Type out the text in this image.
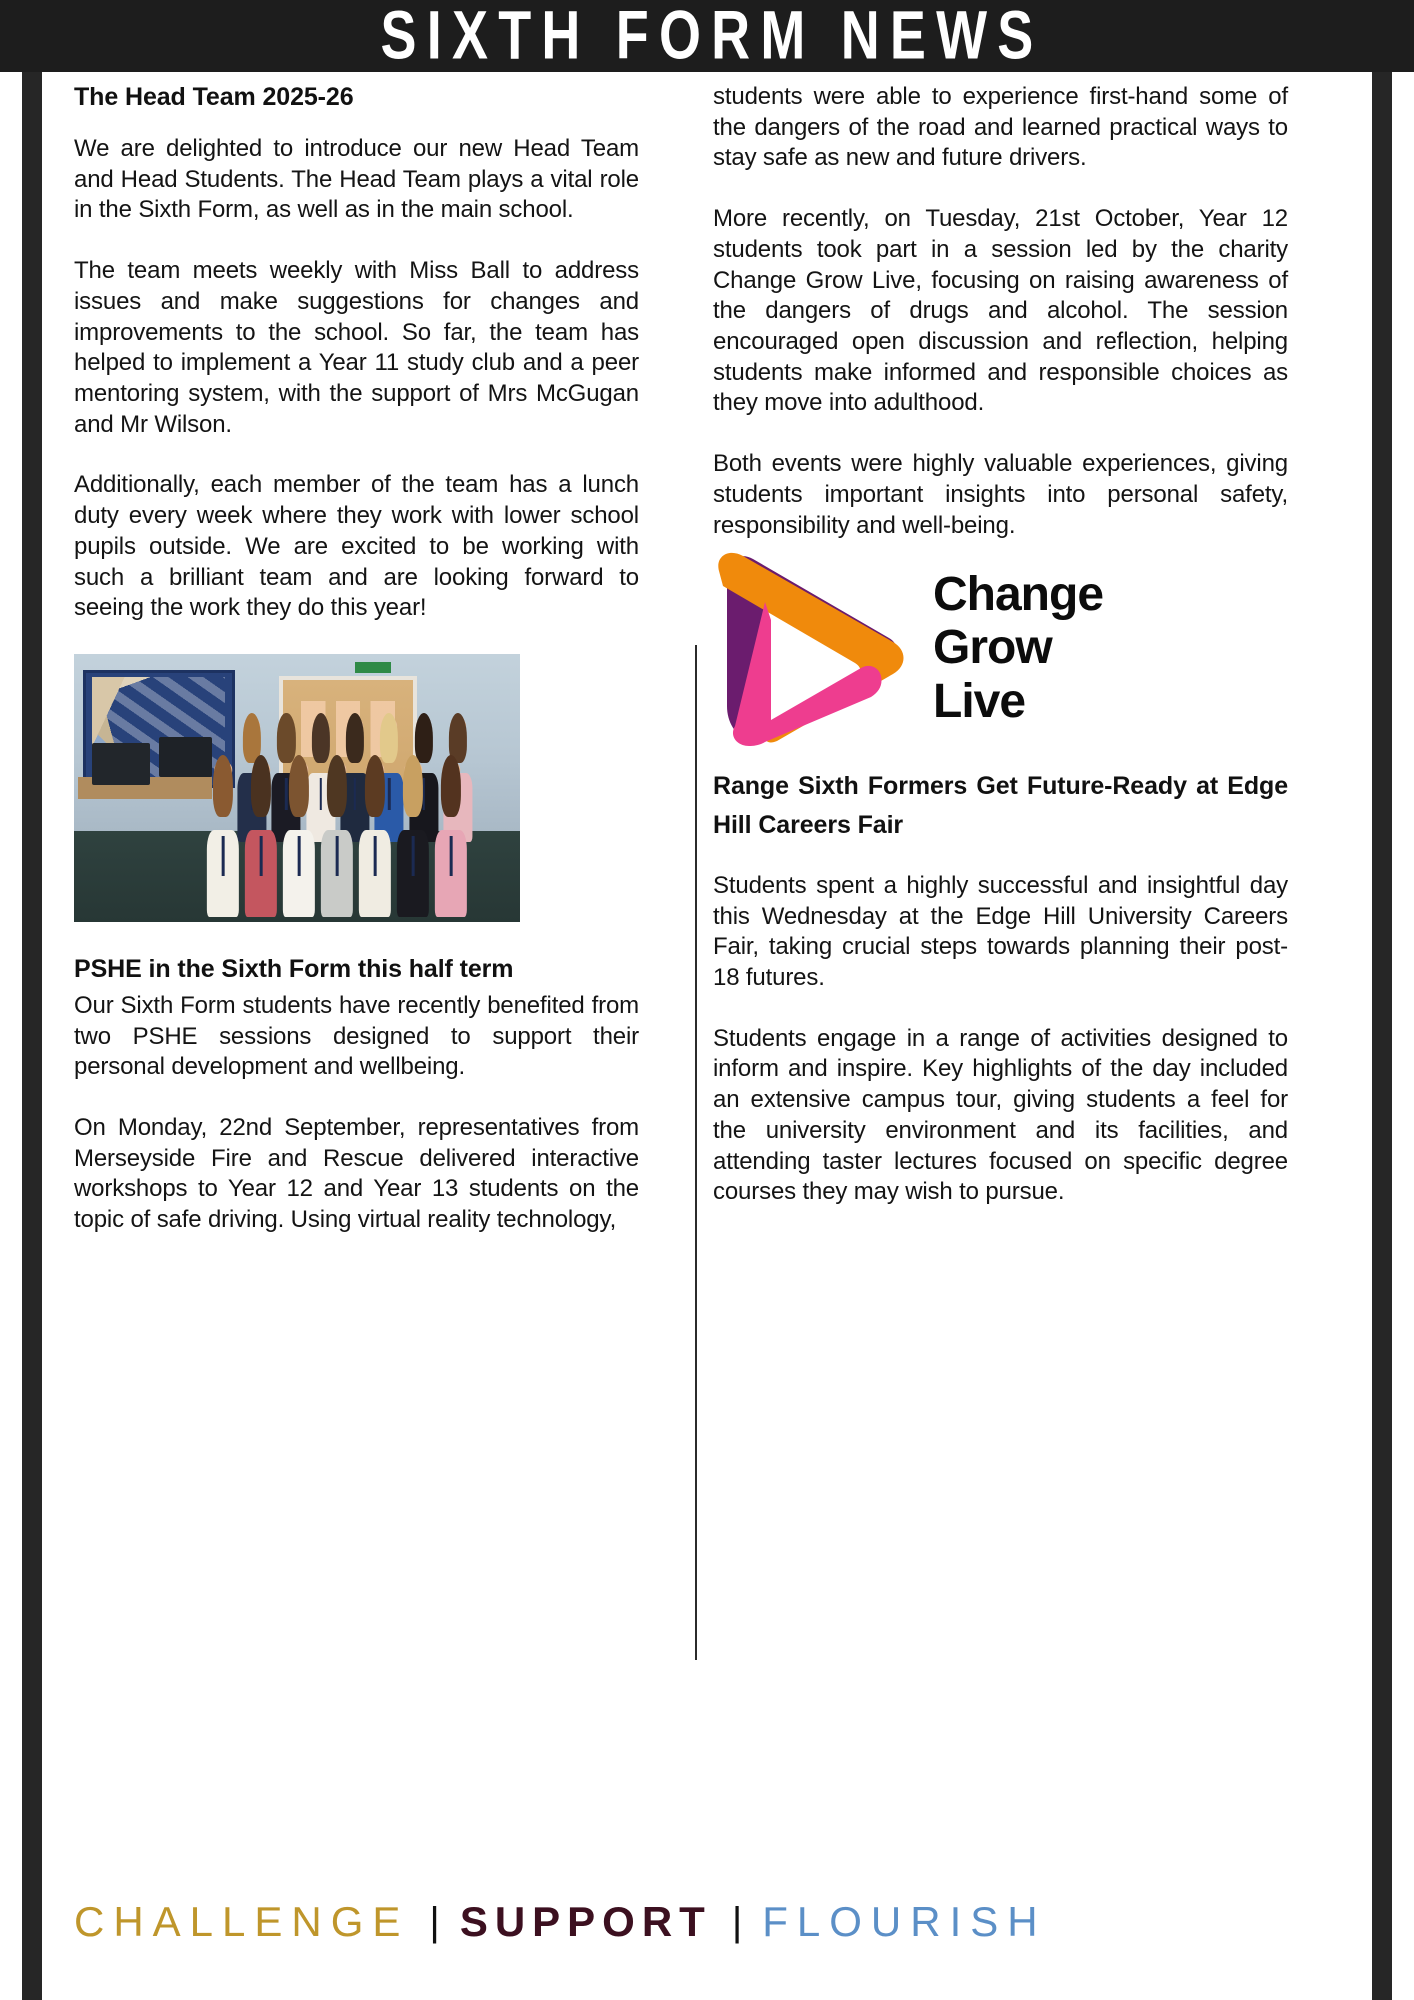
SIXTH FORM NEWS
The Head Team 2025-26

We are delighted to introduce our new Head Team and Head Students. The Head Team plays a vital role in the Sixth Form, as well as in the main school.

The team meets weekly with Miss Ball to address issues and make suggestions for changes and improvements to the school. So far, the team has helped to implement a Year 11 study club and a peer mentoring system, with the support of Mrs McGugan and Mr Wilson.

Additionally, each member of the team has a lunch duty every week where they work with lower school pupils outside. We are excited to be working with such a brilliant team and are looking forward to seeing the work they do this year!

PSHE in the Sixth Form this half term

Our Sixth Form students have recently benefited from two PSHE sessions designed to support their personal development and wellbeing.

On Monday, 22nd September, representatives from Merseyside Fire and Rescue delivered interactive workshops to Year 12 and Year 13 students on the topic of safe driving. Using virtual reality technology,

students were able to experience first-hand some of the dangers of the road and learned practical ways to stay safe as new and future drivers.

More recently, on Tuesday, 21st October, Year 12 students took part in a session led by the charity Change Grow Live, focusing on raising awareness of the dangers of drugs and alcohol. The session encouraged open discussion and reflection, helping students make informed and responsible choices as they move into adulthood.

Both events were highly valuable experiences, giving students important insights into personal safety, responsibility and well-being.

Change
Grow
Live
Range Sixth Formers Get Future-Ready at Edge Hill Careers Fair

Students spent a highly successful and insightful day this Wednesday at the Edge Hill University Careers Fair, taking crucial steps towards planning their post-18 futures.

Students engage in a range of activities designed to inform and inspire. Key highlights of the day included an extensive campus tour, giving students a feel for the university environment and its facilities, and attending taster lectures focused on specific degree courses they may wish to pursue.

CHALLENGE | SUPPORT | FLOURISH
